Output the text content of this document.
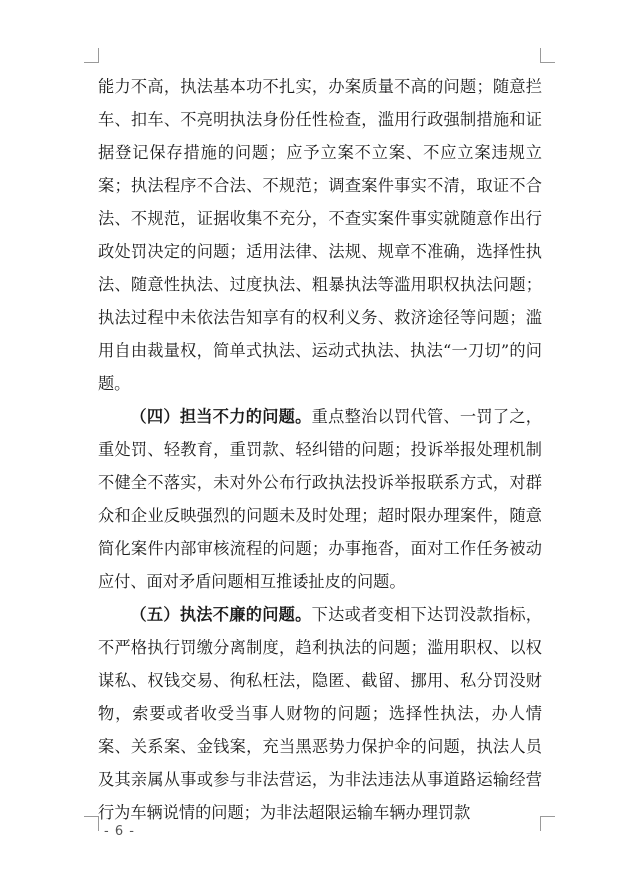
能力不高，执法基本功不扎实，办案质量不高的问题；随意拦车、扣车、不亮明执法身份任性检查，滥用行政强制措施和证据登记保存措施的问题；应予立案不立案、不应立案违规立案；执法程序不合法、不规范；调查案件事实不清，取证不合法、不规范，证据收集不充分，不查实案件事实就随意作出行政处罚决定的问题；适用法律、法规、规章不准确，选择性执法、随意性执法、过度执法、粗暴执法等滥用职权执法问题；执法过程中未依法告知享有的权利义务、救济途径等问题；滥用自由裁量权，简单式执法、运动式执法、执法“一刀切”的问题。

（四）担当不力的问题。重点整治以罚代管、一罚了之，重处罚、轻教育，重罚款、轻纠错的问题；投诉举报处理机制不健全不落实，未对外公布行政执法投诉举报联系方式，对群众和企业反映强烈的问题未及时处理；超时限办理案件，随意简化案件内部审核流程的问题；办事拖沓，面对工作任务被动应付、面对矛盾问题相互推诿扯皮的问题。

（五）执法不廉的问题。下达或者变相下达罚没款指标，不严格执行罚缴分离制度，趋利执法的问题；滥用职权、以权谋私、权钱交易、徇私枉法，隐匿、截留、挪用、私分罚没财物，索要或者收受当事人财物的问题；选择性执法，办人情案、关系案、金钱案，充当黑恶势力保护伞的问题，执法人员及其亲属从事或参与非法营运，为非法违法从事道路运输经营行为车辆说情的问题；为非法超限运输车辆办理罚款

- 6 -
